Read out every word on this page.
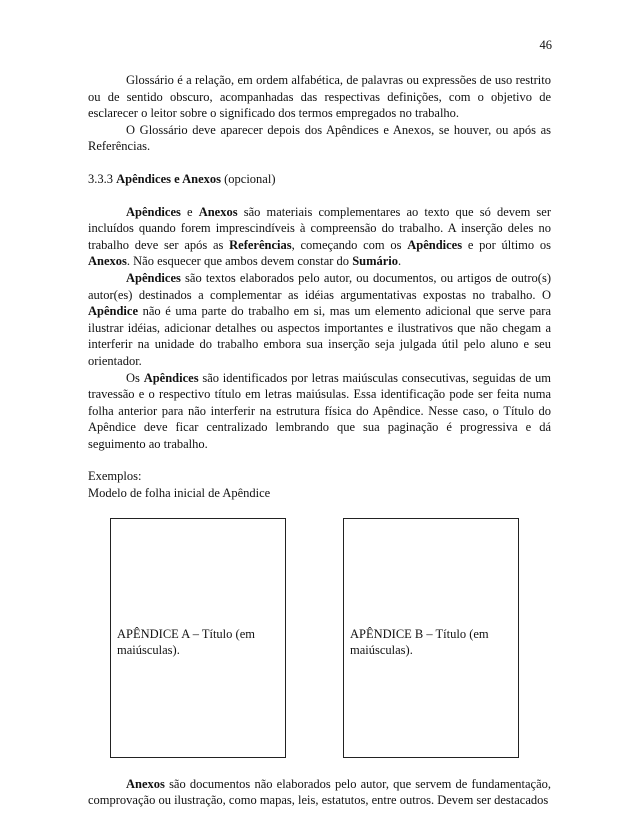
46

Glossário é a relação, em ordem alfabética, de palavras ou expressões de uso restrito ou de sentido obscuro, acompanhadas das respectivas definições, com o objetivo de esclarecer o leitor sobre o significado dos termos empregados no trabalho.

O Glossário deve aparecer depois dos Apêndices e Anexos, se houver, ou após as Referências.

3.3.3 Apêndices e Anexos (opcional)

Apêndices e Anexos são materiais complementares ao texto que só devem ser incluídos quando forem imprescindíveis à compreensão do trabalho. A inserção deles no trabalho deve ser após as Referências, começando com os Apêndices e por último os Anexos. Não esquecer que ambos devem constar do Sumário.

Apêndices são textos elaborados pelo autor, ou documentos, ou artigos de outro(s) autor(es) destinados a complementar as idéias argumentativas expostas no trabalho. O Apêndice não é uma parte do trabalho em si, mas um elemento adicional que serve para ilustrar idéias, adicionar detalhes ou aspectos importantes e ilustrativos que não chegam a interferir na unidade do trabalho embora sua inserção seja julgada útil pelo aluno e seu orientador.

Os Apêndices são identificados por letras maiúsculas consecutivas, seguidas de um travessão e o respectivo título em letras maiúsulas. Essa identificação pode ser feita numa folha anterior para não interferir na estrutura física do Apêndice. Nesse caso, o Título do Apêndice deve ficar centralizado lembrando que sua paginação é progressiva e dá seguimento ao trabalho.

Exemplos:

Modelo de folha inicial de Apêndice

APÊNDICE A – Título (em maiúsculas).
APÊNDICE B – Título (em maiúsculas).

Anexos são documentos não elaborados pelo autor, que servem de fundamentação, comprovação ou ilustração, como mapas, leis, estatutos, entre outros. Devem ser destacados
